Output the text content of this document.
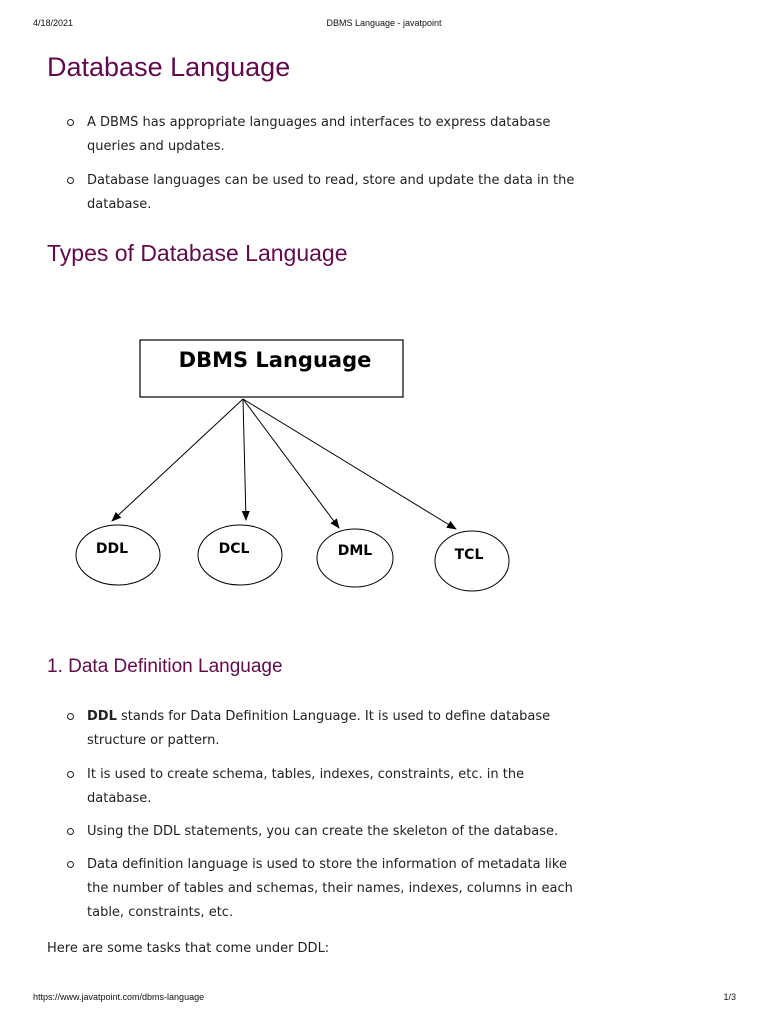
4/18/2021	DBMS Language - javatpoint
Database Language
A DBMS has appropriate languages and interfaces to express database queries and updates.
Database languages can be used to read, store and update the data in the database.
Types of Database Language
DBMS Language
DDL	DCL	DML	TCL
1. Data Definition Language
DDL stands for Data Definition Language. It is used to define database structure or pattern.
It is used to create schema, tables, indexes, constraints, etc. in the database.
Using the DDL statements, you can create the skeleton of the database.
Data definition language is used to store the information of metadata like the number of tables and schemas, their names, indexes, columns in each table, constraints, etc.

Here are some tasks that come under DDL:

https://www.javatpoint.com/dbms-language	1/3
